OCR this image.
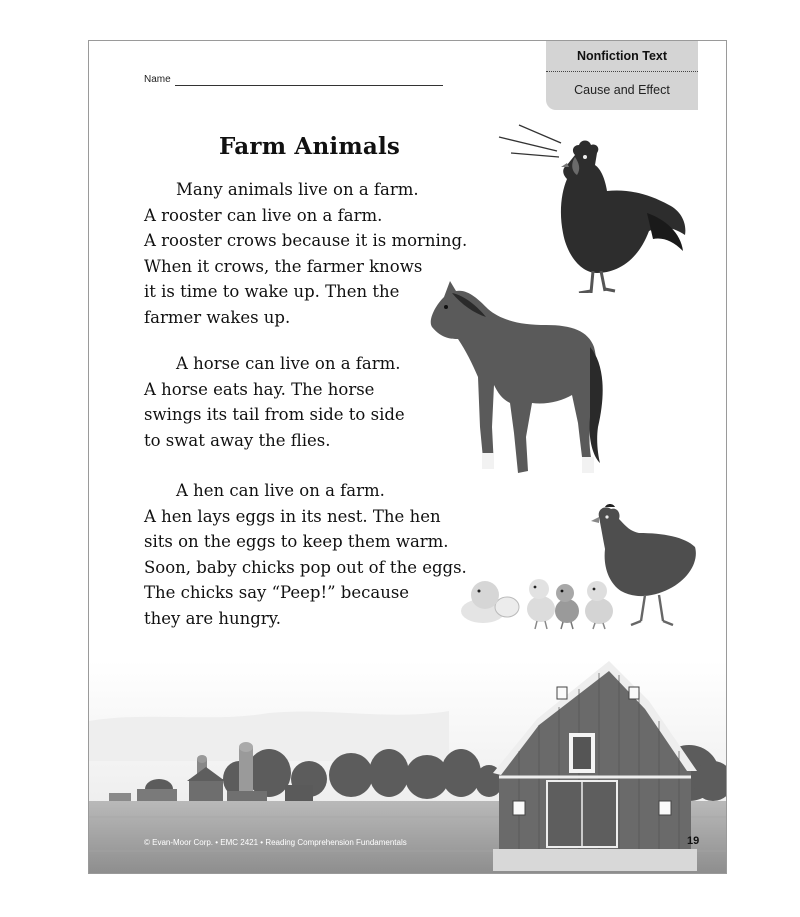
Nonfiction Text
Cause and Effect
Name
Farm Animals
Many animals live on a farm.
A rooster can live on a farm.
A rooster crows because it is morning.
When it crows, the farmer knows
it is time to wake up. Then the
farmer wakes up.
A horse can live on a farm.
A horse eats hay. The horse
swings its tail from side to side
to swat away the flies.
A hen can live on a farm.
A hen lays eggs in its nest. The hen
sits on the eggs to keep them warm.
Soon, baby chicks pop out of the eggs.
The chicks say “Peep!” because
they are hungry.
© Evan-Moor Corp. • EMC 2421 • Reading Comprehension Fundamentals	19
